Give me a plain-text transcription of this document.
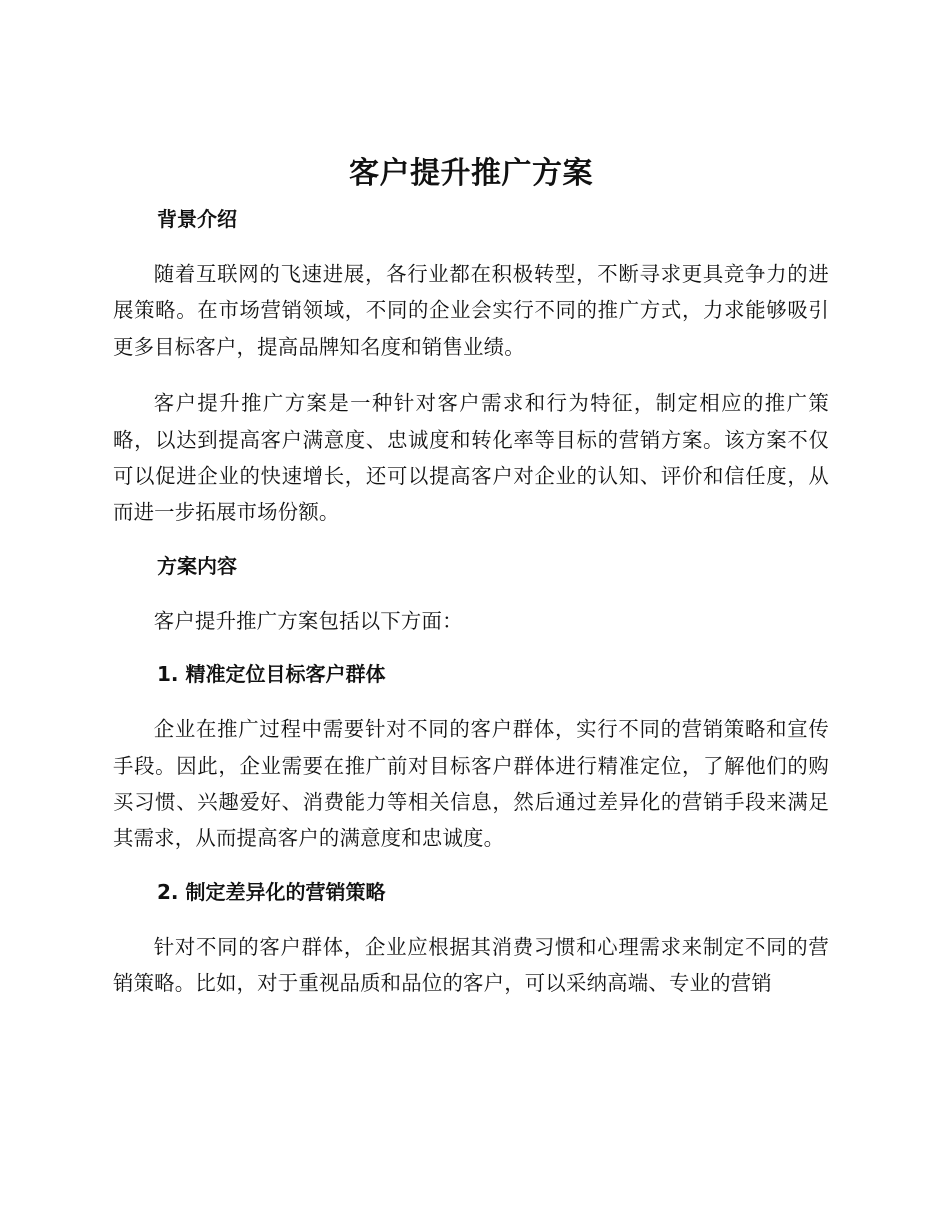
客户提升推广方案
背景介绍

随着互联网的飞速进展，各行业都在积极转型，不断寻求更具竞争力的进展策略。在市场营销领域，不同的企业会实行不同的推广方式，力求能够吸引更多目标客户，提高品牌知名度和销售业绩。

客户提升推广方案是一种针对客户需求和行为特征，制定相应的推广策略，以达到提高客户满意度、忠诚度和转化率等目标的营销方案。该方案不仅可以促进企业的快速增长，还可以提高客户对企业的认知、评价和信任度，从而进一步拓展市场份额。

方案内容

客户提升推广方案包括以下方面：

1. 精准定位目标客户群体

企业在推广过程中需要针对不同的客户群体，实行不同的营销策略和宣传手段。因此，企业需要在推广前对目标客户群体进行精准定位，了解他们的购买习惯、兴趣爱好、消费能力等相关信息，然后通过差异化的营销手段来满足其需求，从而提高客户的满意度和忠诚度。

2. 制定差异化的营销策略

针对不同的客户群体，企业应根据其消费习惯和心理需求来制定不同的营销策略。比如，对于重视品质和品位的客户，可以采纳高端、专业的营销
